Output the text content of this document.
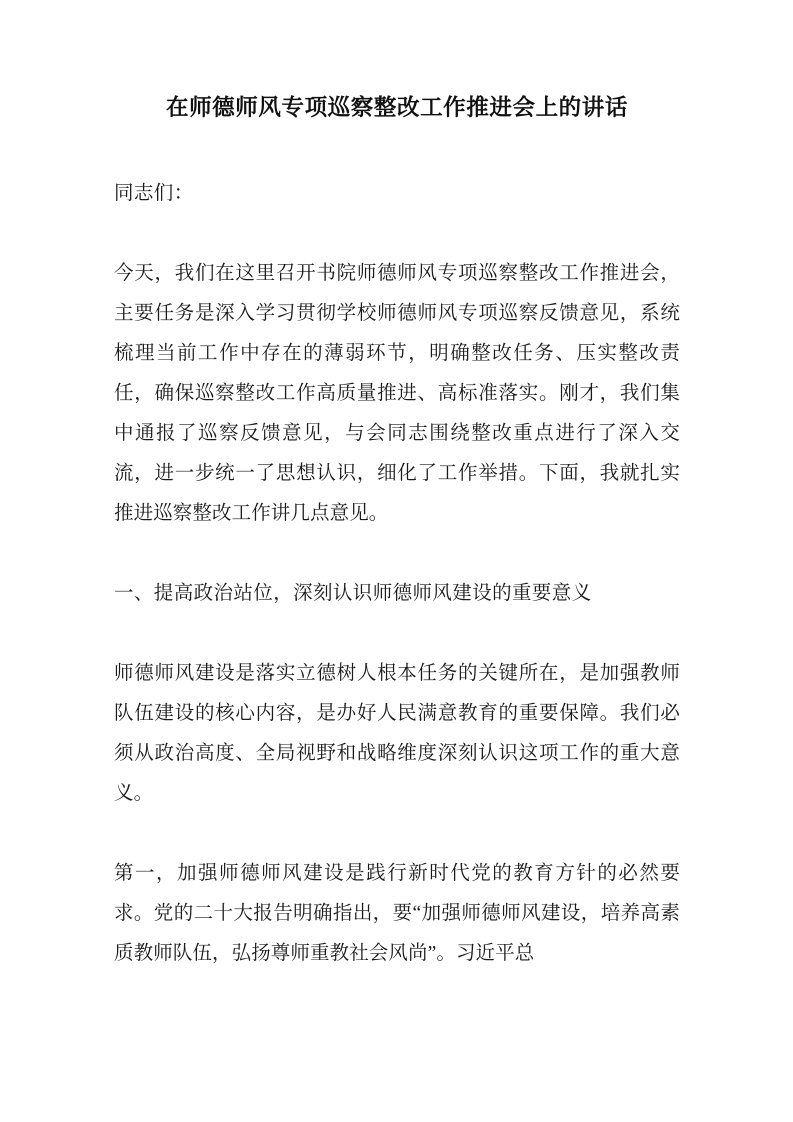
在师德师风专项巡察整改工作推进会上的讲话

同志们：

今天，我们在这里召开书院师德师风专项巡察整改工作推进会，主要任务是深入学习贯彻学校师德师风专项巡察反馈意见，系统梳理当前工作中存在的薄弱环节，明确整改任务、压实整改责任，确保巡察整改工作高质量推进、高标准落实。刚才，我们集中通报了巡察反馈意见，与会同志围绕整改重点进行了深入交流，进一步统一了思想认识，细化了工作举措。下面，我就扎实推进巡察整改工作讲几点意见。

一、提高政治站位，深刻认识师德师风建设的重要意义

师德师风建设是落实立德树人根本任务的关键所在，是加强教师队伍建设的核心内容，是办好人民满意教育的重要保障。我们必须从政治高度、全局视野和战略维度深刻认识这项工作的重大意义。

第一，加强师德师风建设是践行新时代党的教育方针的必然要求。党的二十大报告明确指出，要“加强师德师风建设，培养高素质教师队伍，弘扬尊师重教社会风尚”。习近平总
